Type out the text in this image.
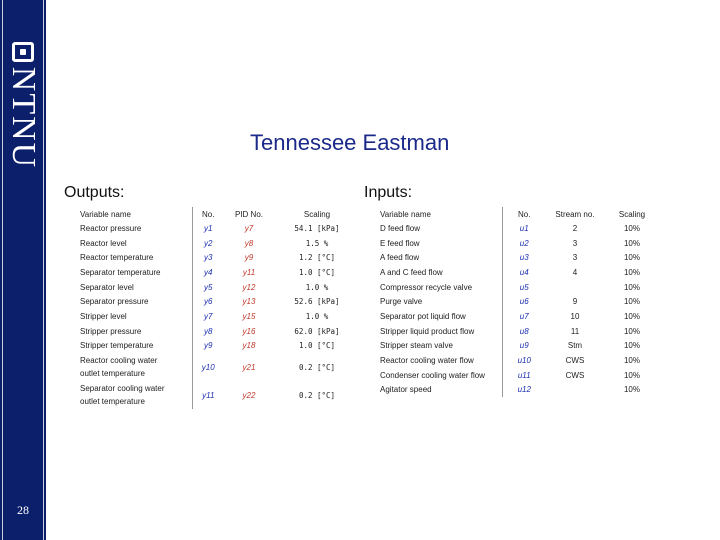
NTNU
28
Tennessee Eastman
Outputs:	Inputs:
Variable name	No.	PID No.	Scaling

Reactor pressure	y1	y7	54.1 [kPa]

Reactor level	y2	y8	1.5 %

Reactor temperature	y3	y9	1.2 [°C]

Separator temperature	y4	y11	1.0 [°C]

Separator level	y5	y12	1.0 %

Separator pressure	y6	y13	52.6 [kPa]

Stripper level	y7	y15	1.0 %

Stripper pressure	y8	y16	62.0 [kPa]

Stripper temperature	y9	y18	1.0 [°C]

Reactor cooling water
outlet temperature	y10	y21	0.2 [°C]

Separator cooling water
outlet temperature	y11	y22	0.2 [°C]
Variable name	No.	Stream no.	Scaling
D feed flow	u1	2	10%
E feed flow	u2	3	10%
A feed flow	u3	3	10%
A and C feed flow	u4	4	10%
Compressor recycle valve	u5		10%
Purge valve	u6	9	10%
Separator pot liquid flow	u7	10	10%
Stripper liquid product flow	u8	11	10%
Stripper steam valve	u9	Stm	10%
Reactor cooling water flow	u10	CWS	10%
Condenser cooling water flow	u11	CWS	10%
Agitator speed	u12		10%
